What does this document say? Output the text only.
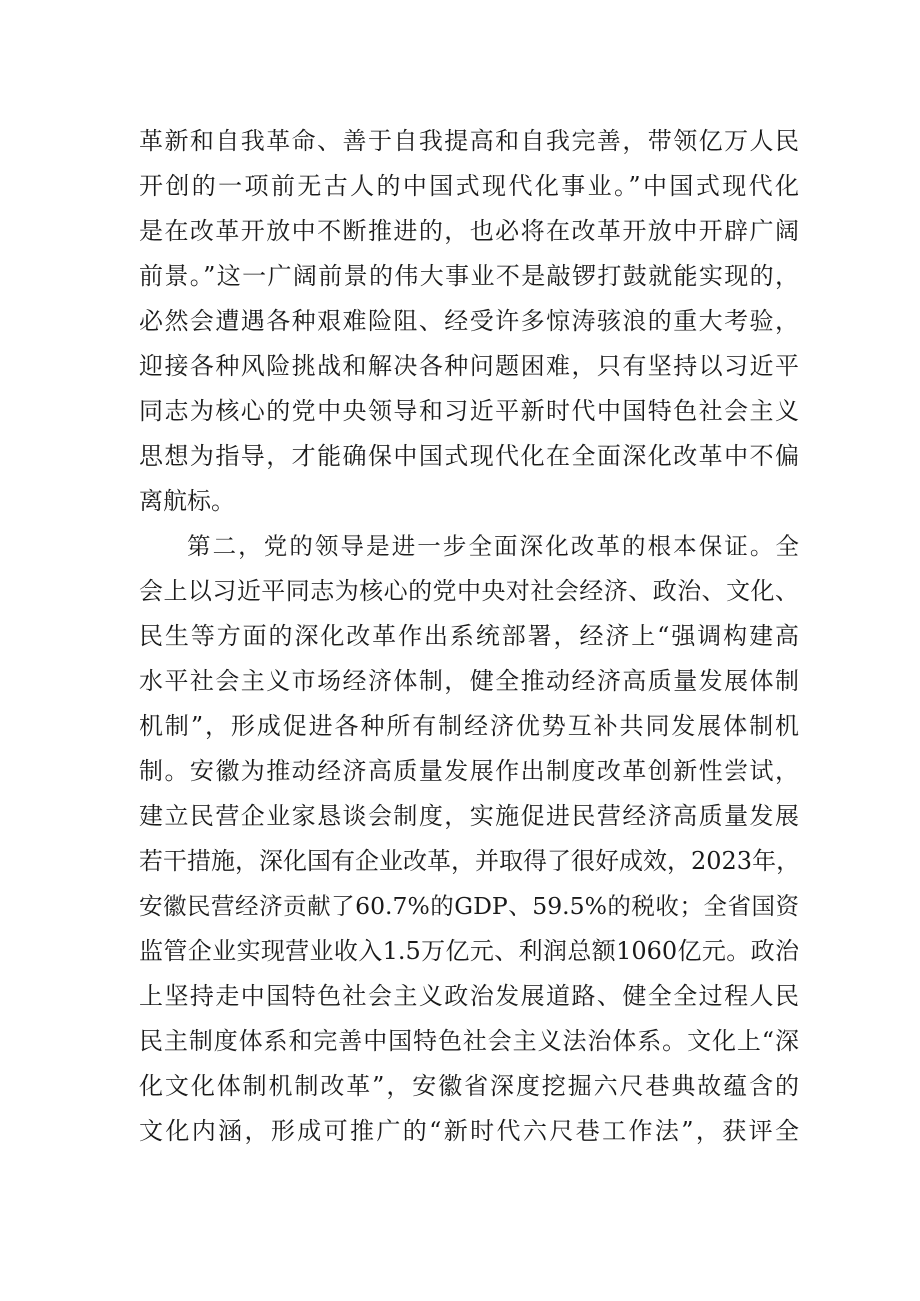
革新和自我革命、善于自我提高和自我完善，带领亿万人民
开创的一项前无古人的中国式现代化事业。”中国式现代化
是在改革开放中不断推进的，也必将在改革开放中开辟广阔
前景。”这一广阔前景的伟大事业不是敲锣打鼓就能实现的，
必然会遭遇各种艰难险阻、经受许多惊涛骇浪的重大考验，
迎接各种风险挑战和解决各种问题困难，只有坚持以习近平
同志为核心的党中央领导和习近平新时代中国特色社会主义
思想为指导，才能确保中国式现代化在全面深化改革中不偏
离航标。
第二，党的领导是进一步全面深化改革的根本保证。全
会上以习近平同志为核心的党中央对社会经济、政治、文化、
民生等方面的深化改革作出系统部署，经济上“强调构建高
水平社会主义市场经济体制，健全推动经济高质量发展体制
机制”，形成促进各种所有制经济优势互补共同发展体制机
制。安徽为推动经济高质量发展作出制度改革创新性尝试，
建立民营企业家恳谈会制度，实施促进民营经济高质量发展
若干措施，深化国有企业改革，并取得了很好成效，2023年，
安徽民营经济贡献了60.7%的GDP、59.5%的税收；全省国资
监管企业实现营业收入1.5万亿元、利润总额1060亿元。政治
上坚持走中国特色社会主义政治发展道路、健全全过程人民
民主制度体系和完善中国特色社会主义法治体系。文化上“深
化文化体制机制改革”，安徽省深度挖掘六尺巷典故蕴含的
文化内涵，形成可推广的“新时代六尺巷工作法”，获评全
